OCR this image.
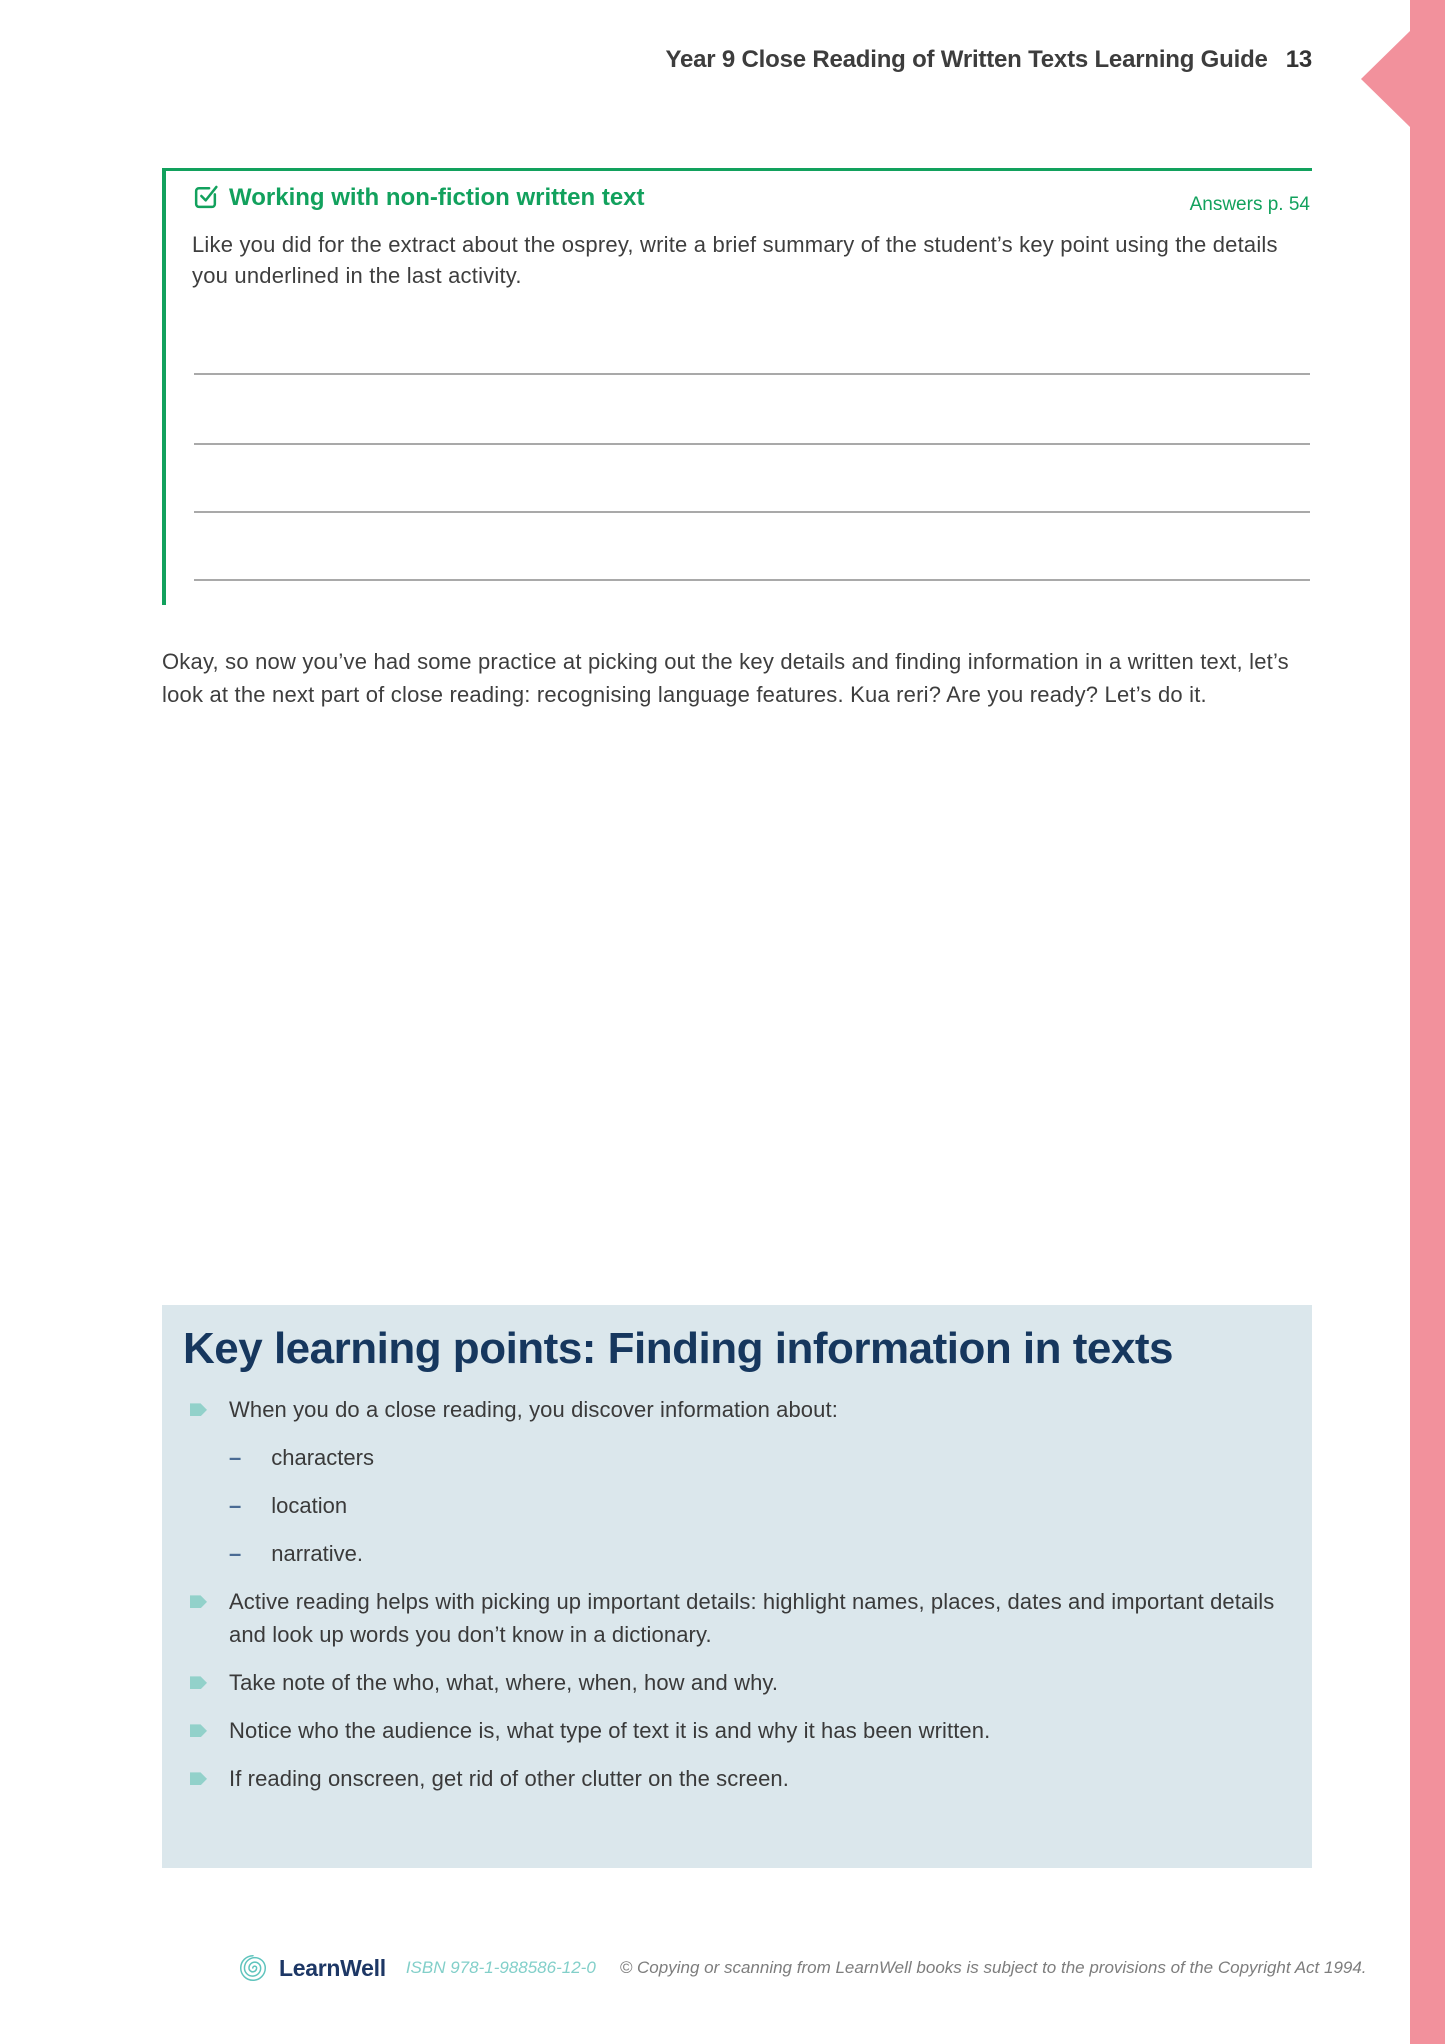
Year 9 Close Reading of Written Texts Learning Guide 13
Working with non-fiction written text	Answers p. 54

Like you did for the extract about the osprey, write a brief summary of the student’s key point using the details you underlined in the last activity.

Okay, so now you’ve had some practice at picking out the key details and finding information in a written text, let’s look at the next part of close reading: recognising language features. Kua reri? Are you ready? Let’s do it.

Key learning points: Finding information in texts
When you do a close reading, you discover information about:
– characters
– location
– narrative.
Active reading helps with picking up important details: highlight names, places, dates and important details and look up words you don’t know in a dictionary.
Take note of the who, what, where, when, how and why.
Notice who the audience is, what type of text it is and why it has been written.
If reading onscreen, get rid of other clutter on the screen.
LearnWell ISBN 978-1-988586-12-0 © Copying or scanning from LearnWell books is subject to the provisions of the Copyright Act 1994.
